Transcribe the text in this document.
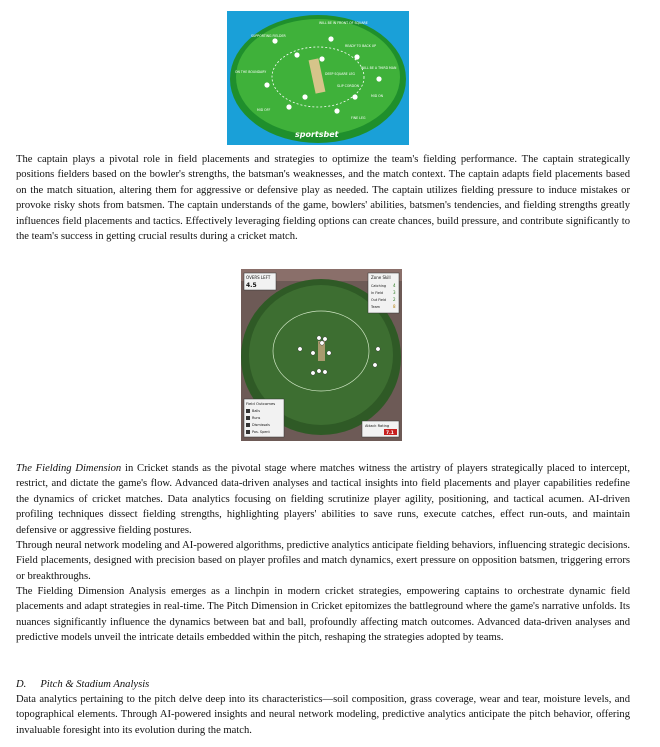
WILL BE IN FRONT OF SQUARE
SUPPORTING FIELDER
READY TO BACK UP
WILL BE A THIRD MAN
ON THE BOUNDARY
SLIP CORDON
MID ON
MID OFF
DEEP SQUARE LEG
FINE LEG
sportsbet

The captain plays a pivotal role in field placements and strategies to optimize the team's fielding performance. The captain strategically positions fielders based on the bowler's strengths, the batsman's weaknesses, and the match context. The captain adapts field placements based on the match situation, altering them for aggressive or defensive play as needed. The captain utilizes fielding pressure to induce mistakes or provoke risky shots from batsmen. The captain understands of the game, bowlers' abilities, batsmen's tendencies, and fielding strengths greatly influences field placements and tactics. Effectively leveraging fielding options can create chances, build pressure, and contribute significantly to the team's success in getting crucial results during a cricket match.

OVERS LEFT
4.5
Zone Skill
Catching 4
In Field 3
Out Field 2
Team	8
Field Outcomes
Balls
Runs
Dismissals
Pos. Spent
Attack Rating
7.1

The Fielding Dimension in Cricket stands as the pivotal stage where matches witness the artistry of players strategically placed to intercept, restrict, and dictate the game's flow. Advanced data-driven analyses and tactical insights into field placements and player capabilities redefine the dynamics of cricket matches. Data analytics focusing on fielding scrutinize player agility, positioning, and tactical acumen. AI-driven profiling techniques dissect fielding strengths, highlighting players' abilities to save runs, execute catches, effect run-outs, and maintain defensive or aggressive fielding postures.

Through neural network modeling and AI-powered algorithms, predictive analytics anticipate fielding behaviors, influencing strategic decisions. Field placements, designed with precision based on player profiles and match dynamics, exert pressure on opposition batsmen, triggering errors or breakthroughs.

The Fielding Dimension Analysis emerges as a linchpin in modern cricket strategies, empowering captains to orchestrate dynamic field placements and adapt strategies in real-time. The Pitch Dimension in Cricket epitomizes the battleground where the game's narrative unfolds. Its nuances significantly influence the dynamics between bat and ball, profoundly affecting match outcomes. Advanced data-driven analyses and predictive models unveil the intricate details embedded within the pitch, reshaping the strategies adopted by teams.

D. Pitch & Stadium Analysis

Data analytics pertaining to the pitch delve deep into its characteristics—soil composition, grass coverage, wear and tear, moisture levels, and topographical elements. Through AI-powered insights and neural network modeling, predictive analytics anticipate the pitch behavior, offering invaluable foresight into its evolution during the match.
